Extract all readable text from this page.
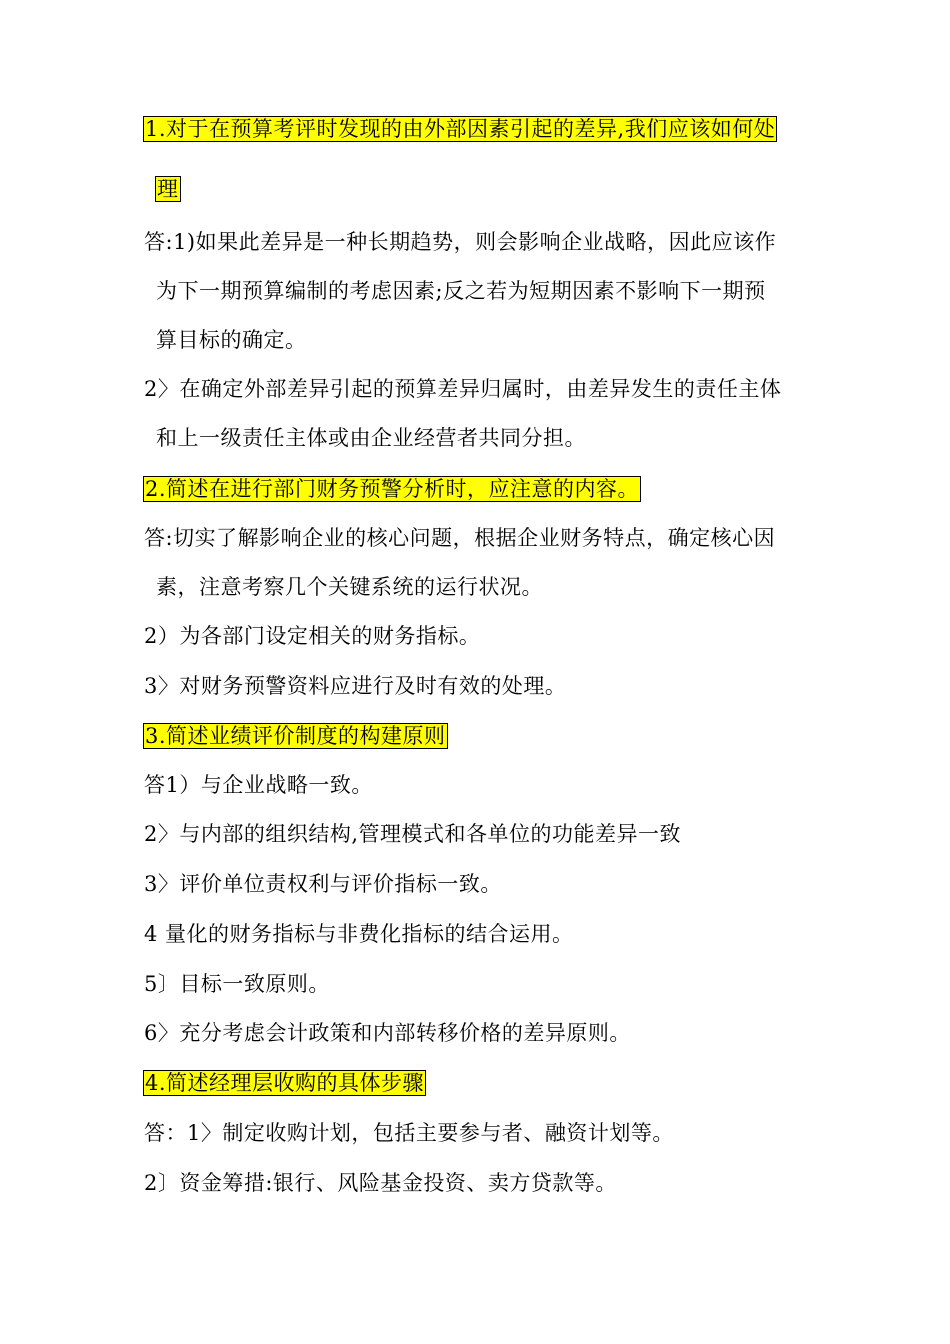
1.对于在预算考评时发现的由外部因素引起的差异,我们应该如何处
理
答:1)如果此差异是一种长期趋势，则会影响企业战略，因此应该作
为下一期预算编制的考虑因素;反之若为短期因素不影响下一期预
算目标的确定。
2〉在确定外部差异引起的预算差异归属时，由差异发生的责任主体
和上一级责任主体或由企业经营者共同分担。
2.简述在进行部门财务预警分析时，应注意的内容。
答:切实了解影响企业的核心问题，根据企业财务特点，确定核心因
素，注意考察几个关键系统的运行状况。
2）为各部门设定相关的财务指标。
3〉对财务预警资料应进行及时有效的处理。
3.简述业绩评价制度的构建原则
答1）与企业战略一致。
2〉与内部的组织结构,管理模式和各单位的功能差异一致
3〉评价单位责权利与评价指标一致。
4 量化的财务指标与非费化指标的结合运用。
5〕目标一致原则。
6〉充分考虑会计政策和内部转移价格的差异原则。
4.简述经理层收购的具体步骤
答：1〉制定收购计划，包括主要参与者、融资计划等。
2〕资金筹措:银行、风险基金投资、卖方贷款等。
